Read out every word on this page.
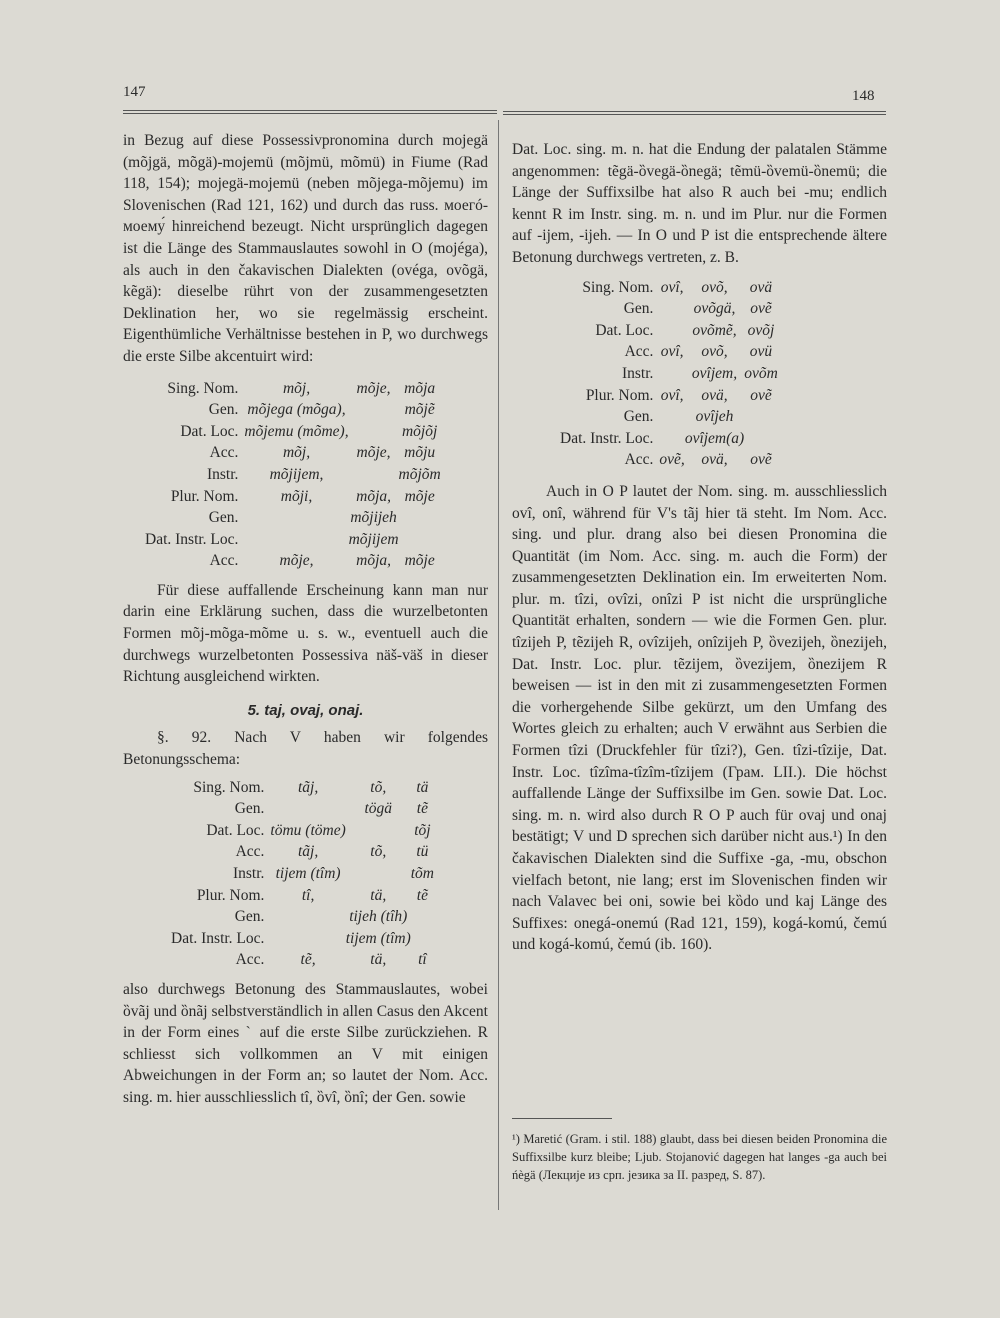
147	148

in Bezug auf diese Possessivpronomina durch mojegä (mõjgä, mõgä)-mojemü (mõjmü, mõmü) in Fiume (Rad 118, 154); mojegä-mojemü (neben mõjega-mõjemu) im Slovenischen (Rad 121, 162) und durch das russ. моегó-моему́ hinreichend bezeugt. Nicht ursprünglich dagegen ist die Länge des Stammauslautes sowohl in O (mojéga), als auch in den čakavischen Dialekten (ovéga, ovõgä, kẽgä): dieselbe rührt von der zusammengesetzten Deklination her, wo sie regelmässig erscheint. Eigenthümliche Verhältnisse bestehen in P, wo durchwegs die erste Silbe akcentuirt wird:

Sing. Nom.	mõj,	mõje,	mõja
Gen.	mõjega (mõga),		mõjẽ
Dat. Loc.	mõjemu (mõme),		mõjõj
Acc.	mõj,	mõje,	mõju
Instr.	mõjijem,		mõjõm
Plur. Nom.	mõji,	mõja,	mõje
Gen.		mõjijeh	
Dat. Instr. Loc.		mõjijem	
Acc.	mõje,	mõja,	mõje

Für diese auffallende Erscheinung kann man nur darin eine Erklärung suchen, dass die wurzelbetonten Formen mõj-mõga-mõme u. s. w., eventuell auch die durchwegs wurzelbetonten Possessiva näš-väš in dieser Richtung ausgleichend wirkten.

5. taj, ovaj, onaj.

§. 92. Nach V haben wir folgendes Betonungsschema:

Sing. Nom.	tãj,	tõ,	tä
Gen.		tögä	tẽ
Dat. Loc.	tömu (töme)		tõj
Acc.	tãj,	tõ,	tü
Instr.	tijem (tîm)		tõm
Plur. Nom.	tî,	tä,	tẽ
Gen.		tijeh (tîh)	
Dat. Instr. Loc.		tijem (tîm)	
Acc.	tẽ,	tä,	tî

also durchwegs Betonung des Stammauslautes, wobei ȍvãj und ȍnãj selbstverständlich in allen Casus den Akcent in der Form eines ˋ auf die erste Silbe zurückziehen. R schliesst sich vollkommen an V mit einigen Abweichungen in der Form an; so lautet der Nom. Acc. sing. m. hier ausschliesslich tî, ȍvî, ȍnî; der Gen. sowie

Dat. Loc. sing. m. n. hat die Endung der palatalen Stämme angenommen: tẽgä-ȍvegä-ȍnegä; tẽmü-ȍvemü-ȍnemü; die Länge der Suffixsilbe hat also R auch bei -mu; endlich kennt R im Instr. sing. m. n. und im Plur. nur die Formen auf -ijem, -ijeh. — In O und P ist die entsprechende ältere Betonung durchwegs vertreten, z. B.

Sing. Nom.	ovî,	ovõ,	ovä
Gen.		ovõgä,	ovẽ
Dat. Loc.		ovõmẽ,	ovõj
Acc.	ovî,	ovõ,	ovü
Instr.		ovîjem,	ovõm
Plur. Nom.	ovî,	ovä,	ovẽ
Gen.		ovîjeh	
Dat. Instr. Loc.		ovîjem(a)	
Acc.	ovẽ,	ovä,	ovẽ

Auch in O P lautet der Nom. sing. m. ausschliesslich ovî, onî, während für V's tãj hier tä steht. Im Nom. Acc. sing. und plur. drang also bei diesen Pronomina die Quantität (im Nom. Acc. sing. m. auch die Form) der zusammengesetzten Deklination ein. Im erweiterten Nom. plur. m. tîzi, ovîzi, onîzi P ist nicht die ursprüngliche Quantität erhalten, sondern — wie die Formen Gen. plur. tîzijeh P, tẽzijeh R, ovîzijeh, onîzijeh P, ȍvezijeh, ȍnezijeh, Dat. Instr. Loc. plur. tẽzijem, ȍvezijem, ȍnezijem R beweisen — ist in den mit zi zusammengesetzten Formen die vorhergehende Silbe gekürzt, um den Umfang des Wortes gleich zu erhalten; auch V erwähnt aus Serbien die Formen tîzi (Druckfehler für tîzi?), Gen. tîzi-tîzije, Dat. Instr. Loc. tîzîma-tîzîm-tîzijem (Грам. LII.). Die höchst auffallende Länge der Suffixsilbe im Gen. sowie Dat. Loc. sing. m. n. wird also durch R O P auch für ovaj und onaj bestätigt; V und D sprechen sich darüber nicht aus.¹) In den čakavischen Dialekten sind die Suffixe -ga, -mu, obschon vielfach betont, nie lang; erst im Slovenischen finden wir nach Valavec bei oni, sowie bei kȍdo und kaj Länge des Suffixes: onegá-onemú (Rad 121, 159), kogá-komú, čemú und kogá-komú, čemú (ib. 160).

¹) Maretić (Gram. i stil. 188) glaubt, dass bei diesen beiden Pronomina die Suffixsilbe kurz bleibe; Ljub. Stojanović dagegen hat langes -ga auch bei ńègä (Лекције из срп. језика за II. разред, S. 87).
